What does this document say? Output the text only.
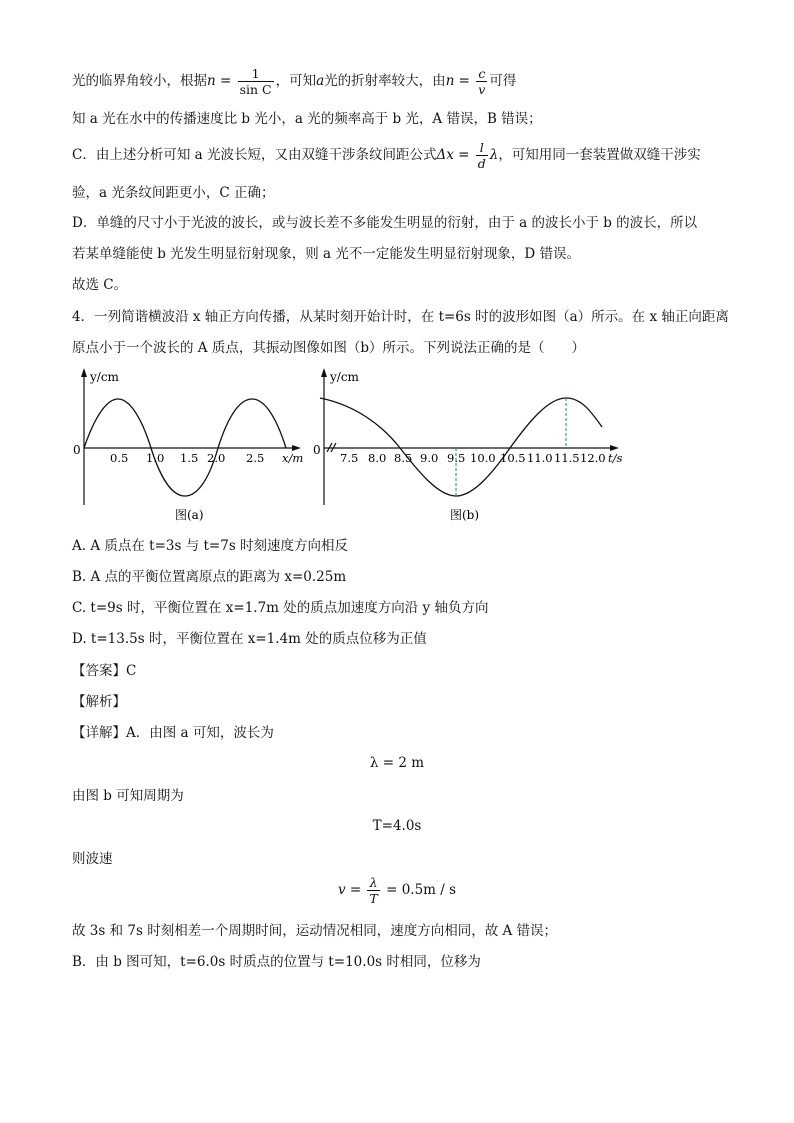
光的临界角较小，根据$n = \frac{1}{\text{sin C}}$ ，可知a光的折射率较大，由$n = \frac{c}{v}$ 可得
知 a 光在水中的传播速度比 b 光小，a 光的频率高于 b 光，A 错误，B 错误；
C．由上述分析可知 a 光波长短，又由双缝干涉条纹间距公式$\Delta x = \frac{l}{d}$ λ，可知用同一套装置做双缝干涉实
验，a 光条纹间距更小，C 正确；
D．单缝的尺寸小于光波的波长，或与波长差不多能发生明显的衍射，由于 a 的波长小于 b 的波长，所以
若某单缝能使 b 光发生明显衍射现象，则 a 光不一定能发生明显衍射现象，D 错误。
故选 C。
4．一列简谐横波沿 x 轴正方向传播，从某时刻开始计时，在 t=6s 时的波形如图（a）所示。在 x 轴正向距离
原点小于一个波长的 A 质点，其振动图像如图（b）所示。下列说法正确的是（　　）
y/cm
0
0.5 1.0 1.5 2.0 2.5 x/m
图(a)
y/cm
0
7.5 8.0 8.5 9.0 9.5 10.0 10.5 11.0 11.5 12.0 t/s
图(b)
A. A 质点在 t=3s 与 t=7s 时刻速度方向相反
B. A 点的平衡位置离原点的距离为 x=0.25m
C. t=9s 时，平衡位置在 x=1.7m 处的质点加速度方向沿 y 轴负方向
D. t=13.5s 时，平衡位置在 x=1.4m 处的质点位移为正值
【答案】C
【解析】
【详解】A．由图 a 可知，波长为
λ = 2 m
由图 b 可知周期为
T=4.0s
则波速
$v = \frac{\lambda}{T} = 0.5m / s$
故 3s 和 7s 时刻相差一个周期时间，运动情况相同，速度方向相同，故 A 错误；
B．由 b 图可知，t=6.0s 时质点的位置与 t=10.0s 时相同，位移为
